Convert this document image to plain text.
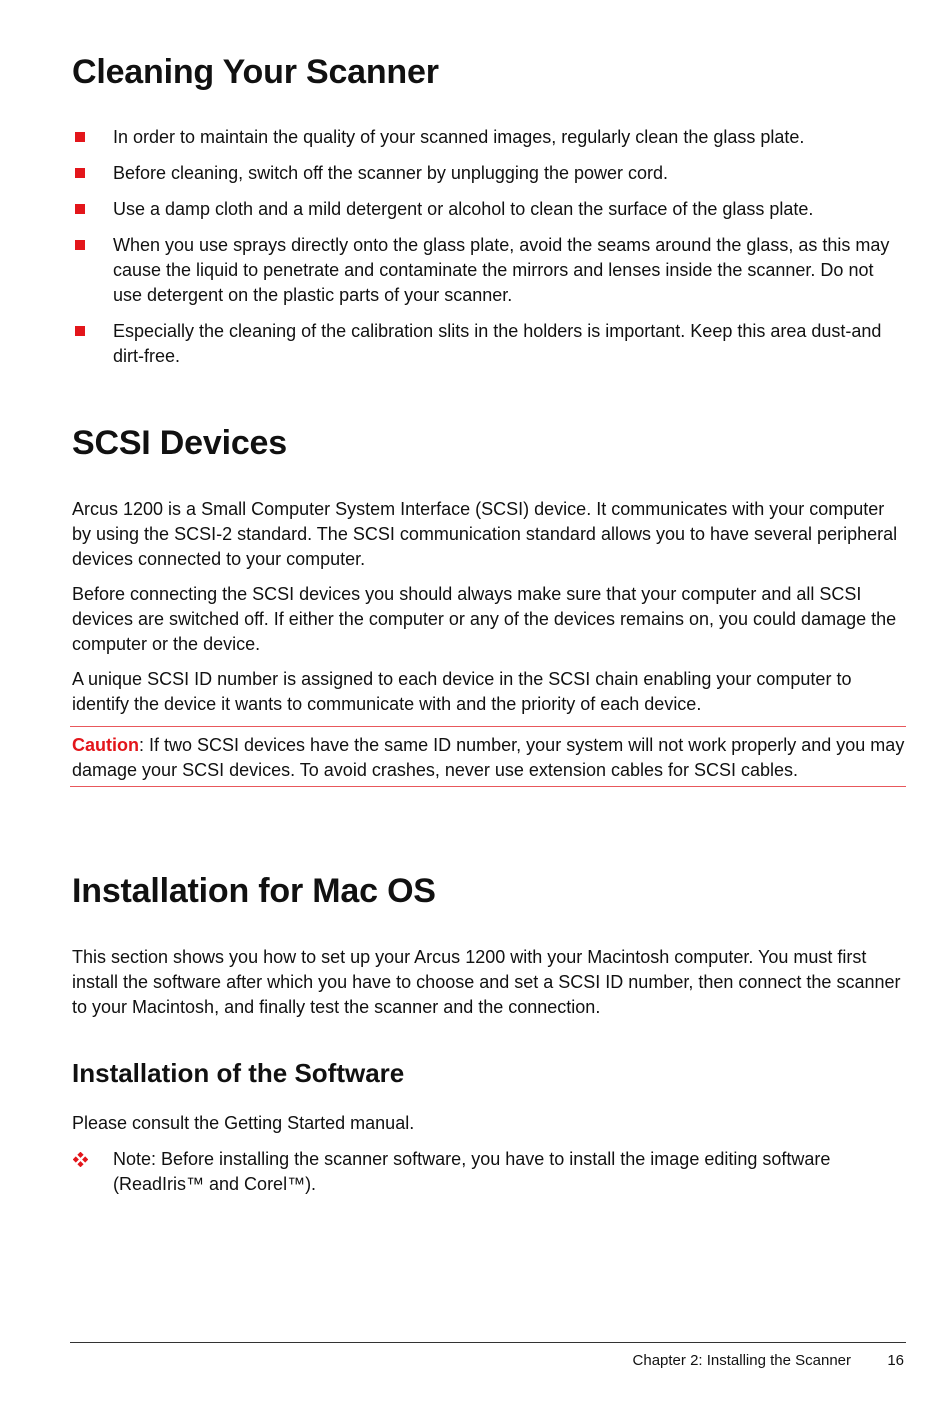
Cleaning Your Scanner
In order to maintain the quality of your scanned images, regularly clean the glass plate.
Before cleaning, switch off the scanner by unplugging the power cord.
Use a damp cloth and a mild detergent or alcohol to clean the surface of the glass plate.
When you use sprays directly onto the glass plate, avoid the seams around the glass, as this may cause the liquid to penetrate and contaminate the mirrors and lenses inside the scanner. Do not use detergent on the plastic parts of your scanner.
Especially the cleaning of the calibration slits in the holders is important. Keep this area dust-and dirt-free.
SCSI Devices

Arcus 1200 is a Small Computer System Interface (SCSI) device. It communicates with your computer by using the SCSI-2 standard. The SCSI communication standard allows you to have several peripheral devices connected to your computer.

Before connecting the SCSI devices you should always make sure that your computer and all SCSI devices are switched off. If either the computer or any of the devices remains on, you could damage the computer or the device.

A unique SCSI ID number is assigned to each device in the SCSI chain enabling your computer to identify the device it wants to communicate with and the priority of each device.

Caution: If two SCSI devices have the same ID number, your system will not work properly and you may damage your SCSI devices. To avoid crashes, never use extension cables for SCSI cables.
Installation for Mac OS

This section shows you how to set up your Arcus 1200 with your Macintosh computer. You must first install the software after which you have to choose and set a SCSI ID number, then connect the scanner to your Macintosh, and finally test the scanner and the connection.

Installation of the Software

Please consult the Getting Started manual.

Note: Before installing the scanner software, you have to install the image editing software (ReadIris™ and Corel™).
Chapter 2: Installing the Scanner 16
